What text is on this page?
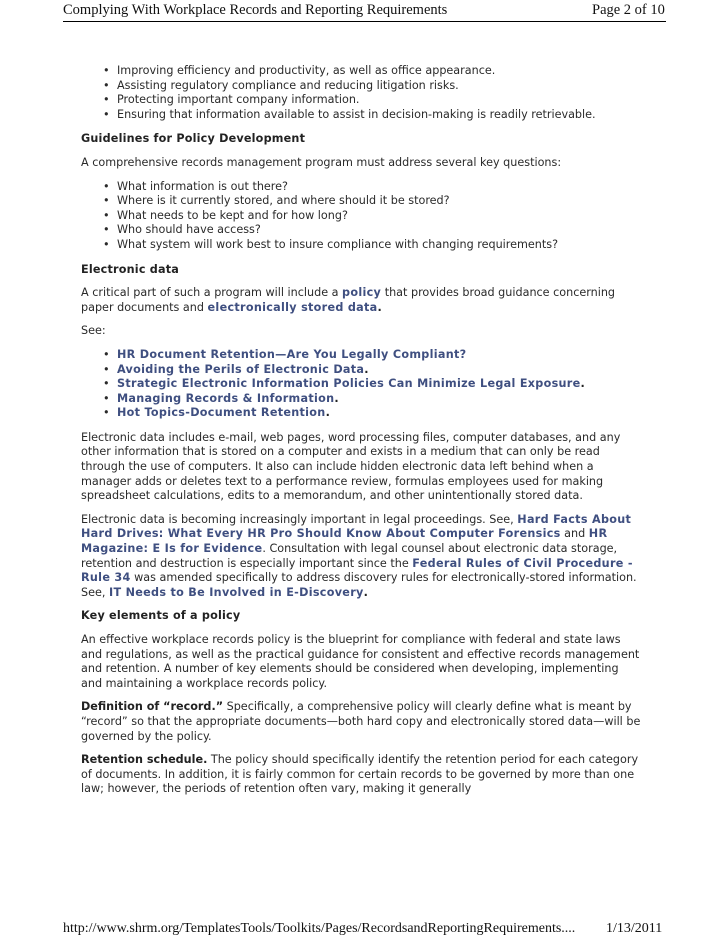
Complying With Workplace Records and Reporting Requirements	Page 2 of 10
• Improving efficiency and productivity, as well as office appearance.
• Assisting regulatory compliance and reducing litigation risks.
• Protecting important company information.
• Ensuring that information available to assist in decision-making is readily retrievable.
Guidelines for Policy Development

A comprehensive records management program must address several key questions:

• What information is out there?
• Where is it currently stored, and where should it be stored?
• What needs to be kept and for how long?
• Who should have access?
• What system will work best to insure compliance with changing requirements?
Electronic data

A critical part of such a program will include a policy that provides broad guidance concerning paper documents and electronically stored data.

See:

• HR Document Retention—Are You Legally Compliant?
• Avoiding the Perils of Electronic Data.
• Strategic Electronic Information Policies Can Minimize Legal Exposure.
• Managing Records & Information.
• Hot Topics-Document Retention.

Electronic data includes e-mail, web pages, word processing files, computer databases, and any other information that is stored on a computer and exists in a medium that can only be read through the use of computers. It also can include hidden electronic data left behind when a manager adds or deletes text to a performance review, formulas employees used for making spreadsheet calculations, edits to a memorandum, and other unintentionally stored data.

Electronic data is becoming increasingly important in legal proceedings. See, Hard Facts About Hard Drives: What Every HR Pro Should Know About Computer Forensics and HR Magazine: E Is for Evidence. Consultation with legal counsel about electronic data storage, retention and destruction is especially important since the Federal Rules of Civil Procedure - Rule 34 was amended specifically to address discovery rules for electronically-stored information. See, IT Needs to Be Involved in E-Discovery.

Key elements of a policy

An effective workplace records policy is the blueprint for compliance with federal and state laws and regulations, as well as the practical guidance for consistent and effective records management and retention. A number of key elements should be considered when developing, implementing and maintaining a workplace records policy.

Definition of “record.” Specifically, a comprehensive policy will clearly define what is meant by “record” so that the appropriate documents—both hard copy and electronically stored data—will be governed by the policy.

Retention schedule. The policy should specifically identify the retention period for each category of documents. In addition, it is fairly common for certain records to be governed by more than one law; however, the periods of retention often vary, making it generally

http://www.shrm.org/TemplatesTools/Toolkits/Pages/RecordsandReportingRequirements.... 1/13/2011
